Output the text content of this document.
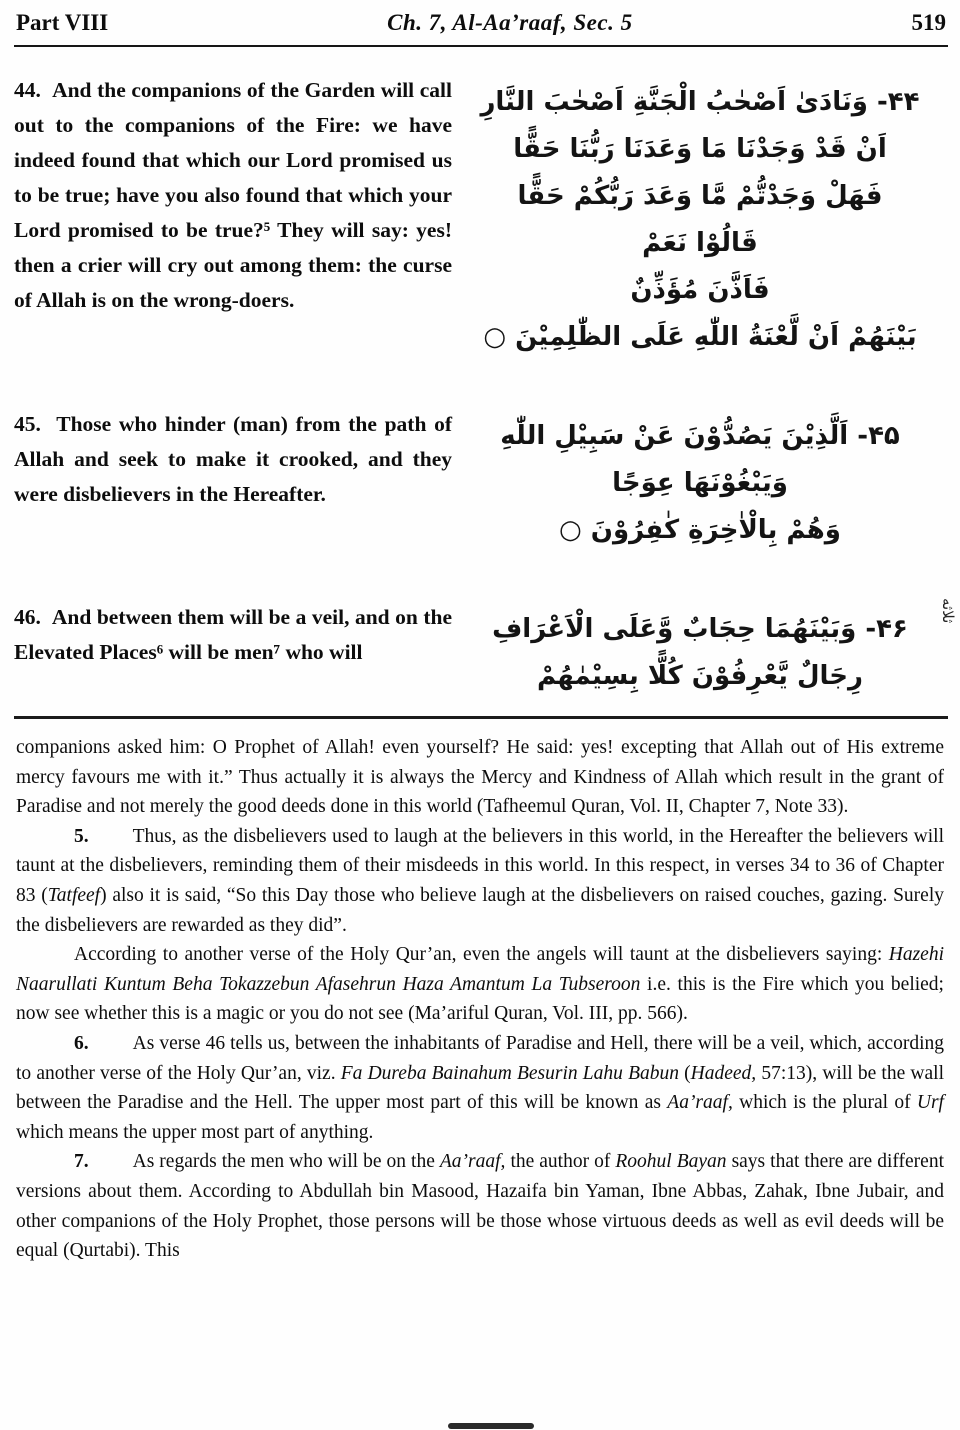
Part VIII	Ch. 7, Al-Aa’raaf, Sec. 5	519
44.  And the companions of the Garden will call out to the companions of the Fire: we have indeed found that which our Lord promised us to be true; have you also found that which your Lord promised to be true?⁵ They will say: yes! then a crier will cry out among them: the curse of Allah is on the wrong-doers.
۴۴- وَنَادَىٰ اَصْحٰبُ الْجَنَّةِ اَصْحٰبَ النَّارِ
اَنْ قَدْ وَجَدْنَا مَا وَعَدَنَا رَبُّنَا حَقًّا
فَهَلْ وَجَدْتُّمْ مَّا وَعَدَ رَبُّكُمْ حَقًّا
قَالُوْا نَعَمْ
فَاَذَّنَ مُؤَذِّنٌ
بَيْنَهُمْ اَنْ لَّعْنَةُ اللّٰهِ عَلَى الظّٰلِمِيْنَ ○
45.  Those who hinder (man) from the path of Allah and seek to make it crooked, and they were disbelievers in the Hereafter.
۴۵- اَلَّذِيْنَ يَصُدُّوْنَ عَنْ سَبِيْلِ اللّٰهِ
وَيَبْغُوْنَهَا عِوَجًا
وَهُمْ بِالْاٰخِرَةِ كٰفِرُوْنَ ○
46.  And between them will be a veil, and on the Elevated Places⁶ will be men⁷ who will
۴۶- وَبَيْنَهُمَا حِجَابٌ وَّعَلَى الْاَعْرَافِ
رِجَالٌ يَّعْرِفُوْنَ كُلًّا بِسِيْمٰهُمْ
ثلاثه

companions asked him: O Prophet of Allah! even yourself? He said: yes! excepting that Allah out of His extreme mercy favours me with it.” Thus actually it is always the Mercy and Kindness of Allah which result in the grant of Paradise and not merely the good deeds done in this world (Tafheemul Quran, Vol. II, Chapter 7, Note 33).

5. Thus, as the disbelievers used to laugh at the believers in this world, in the Hereafter the believers will taunt at the disbelievers, reminding them of their misdeeds in this world. In this respect, in verses 34 to 36 of Chapter 83 (Tatfeef) also it is said, “So this Day those who believe laugh at the disbelievers on raised couches, gazing. Surely the disbelievers are rewarded as they did”.

According to another verse of the Holy Qur’an, even the angels will taunt at the disbelievers saying: Hazehi Naarullati Kuntum Beha Tokazzebun Afasehrun Haza Amantum La Tubseroon i.e. this is the Fire which you belied; now see whether this is a magic or you do not see (Ma’ariful Quran, Vol. III, pp. 566).

6. As verse 46 tells us, between the inhabitants of Paradise and Hell, there will be a veil, which, according to another verse of the Holy Qur’an, viz. Fa Dureba Bainahum Besurin Lahu Babun (Hadeed, 57:13), will be the wall between the Paradise and the Hell. The upper most part of this will be known as Aa’raaf, which is the plural of Urf which means the upper most part of anything.

7. As regards the men who will be on the Aa’raaf, the author of Roohul Bayan says that there are different versions about them. According to Abdullah bin Masood, Hazaifa bin Yaman, Ibne Abbas, Zahak, Ibne Jubair, and other companions of the Holy Prophet, those persons will be those whose virtuous deeds as well as evil deeds will be equal (Qurtabi). This
